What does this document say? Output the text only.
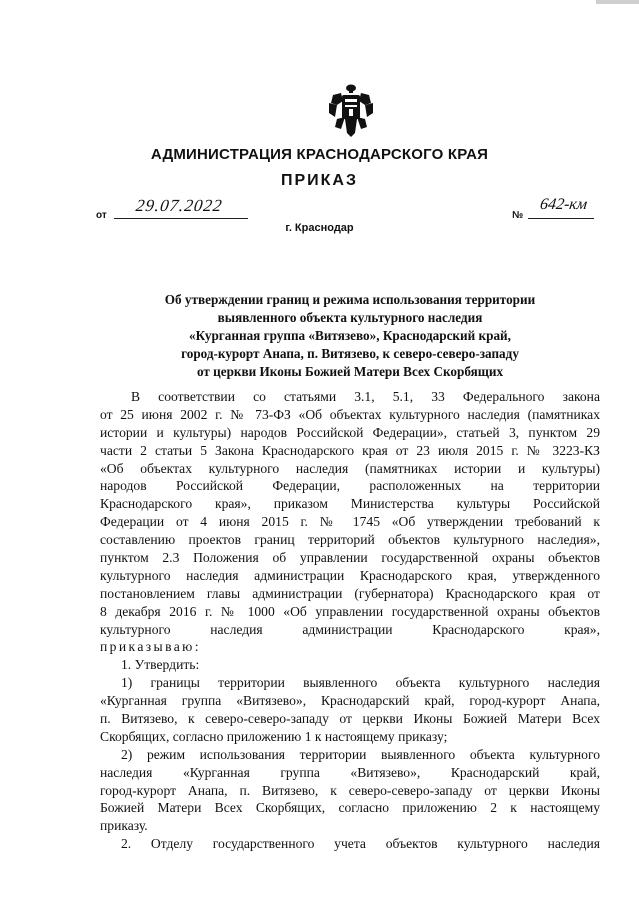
АДМИНИСТРАЦИЯ КРАСНОДАРСКОГО КРАЯ
ПРИКАЗ
от
29.07.2022
г. Краснодар
№
642-км
Об утверждении границ и режима использования территории
выявленного объекта культурного наследия
«Курганная группа «Витязево», Краснодарский край,
город-курорт Анапа, п. Витязево, к северо-северо-западу
от церкви Иконы Божией Матери Всех Скорбящих
В соответствии со статьями 3.1, 5.1, 33 Федерального закона
от 25 июня 2002 г. № 73-ФЗ «Об объектах культурного наследия (памятниках
истории и культуры) народов Российской Федерации», статьей 3, пунктом 29
части 2 статьи 5 Закона Краснодарского края от 23 июля 2015 г. № 3223-КЗ
«Об объектах культурного наследия (памятниках истории и культуры)
народов Российской Федерации, расположенных на территории
Краснодарского края», приказом Министерства культуры Российской
Федерации от 4 июня 2015 г. № 1745 «Об утверждении требований к
составлению проектов границ территорий объектов культурного наследия»,
пунктом 2.3 Положения об управлении государственной охраны объектов
культурного наследия администрации Краснодарского края, утвержденного
постановлением главы администрации (губернатора) Краснодарского края от
8 декабря 2016 г. № 1000 «Об управлении государственной охраны объектов
культурного наследия администрации Краснодарского края»,
приказываю:
1. Утвердить:
1) границы территории выявленного объекта культурного наследия
«Курганная группа «Витязево», Краснодарский край, город-курорт Анапа,
п. Витязево, к северо-северо-западу от церкви Иконы Божией Матери Всех
Скорбящих, согласно приложению 1 к настоящему приказу;
2) режим использования территории выявленного объекта культурного
наследия «Курганная группа «Витязево», Краснодарский край,
город-курорт Анапа, п. Витязево, к северо-северо-западу от церкви Иконы
Божией Матери Всех Скорбящих, согласно приложению 2 к настоящему
приказу.
2. Отделу государственного учета объектов культурного наследия
